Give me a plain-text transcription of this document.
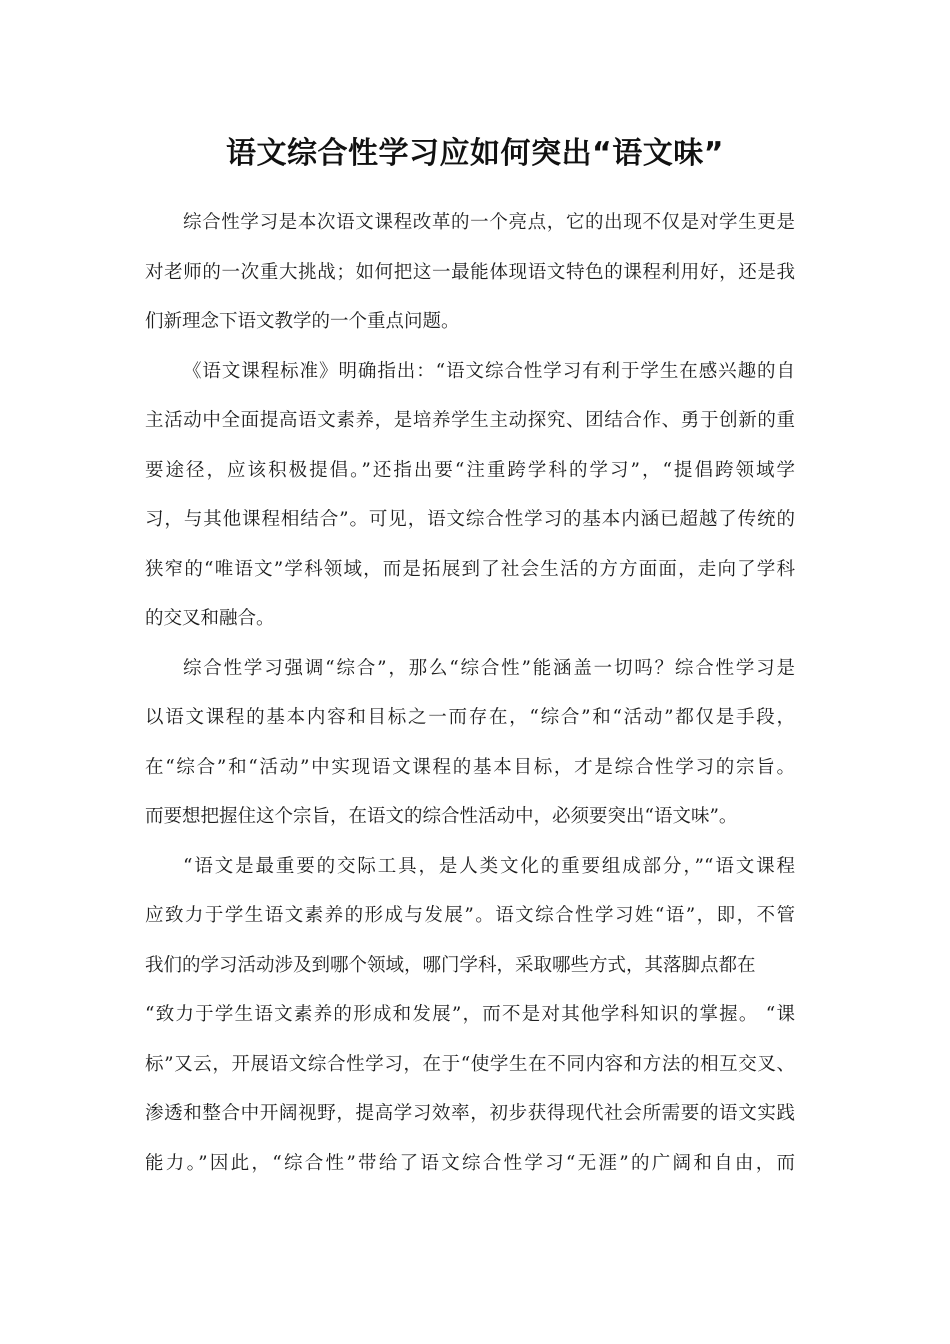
语文综合性学习应如何突出“语文味”
综合性学习是本次语文课程改革的一个亮点，它的出现不仅是对学生更是
对老师的一次重大挑战；如何把这一最能体现语文特色的课程利用好，还是我
们新理念下语文教学的一个重点问题。
《语文课程标准》明确指出：“语文综合性学习有利于学生在感兴趣的自
主活动中全面提高语文素养，是培养学生主动探究、团结合作、勇于创新的重
要途径，应该积极提倡。”还指出要“注重跨学科的学习”，“提倡跨领域学
习，与其他课程相结合”。可见，语文综合性学习的基本内涵已超越了传统的
狭窄的“唯语文”学科领域，而是拓展到了社会生活的方方面面，走向了学科
的交叉和融合。
综合性学习强调“综合”，那么“综合性”能涵盖一切吗？综合性学习是
以语文课程的基本内容和目标之一而存在，“综合”和“活动”都仅是手段，
在“综合”和“活动”中实现语文课程的基本目标，才是综合性学习的宗旨。
而要想把握住这个宗旨，在语文的综合性活动中，必须要突出“语文味”。
“语文是最重要的交际工具，是人类文化的重要组成部分，”“语文课程
应致力于学生语文素养的形成与发展”。语文综合性学习姓“语”，即，不管
我们的学习活动涉及到哪个领域，哪门学科，采取哪些方式，其落脚点都在
“致力于学生语文素养的形成和发展”，而不是对其他学科知识的掌握。 “课
标”又云，开展语文综合性学习，在于“使学生在不同内容和方法的相互交叉、
渗透和整合中开阔视野，提高学习效率，初步获得现代社会所需要的语文实践
能力。”因此，“综合性”带给了语文综合性学习“无涯”的广阔和自由，而
